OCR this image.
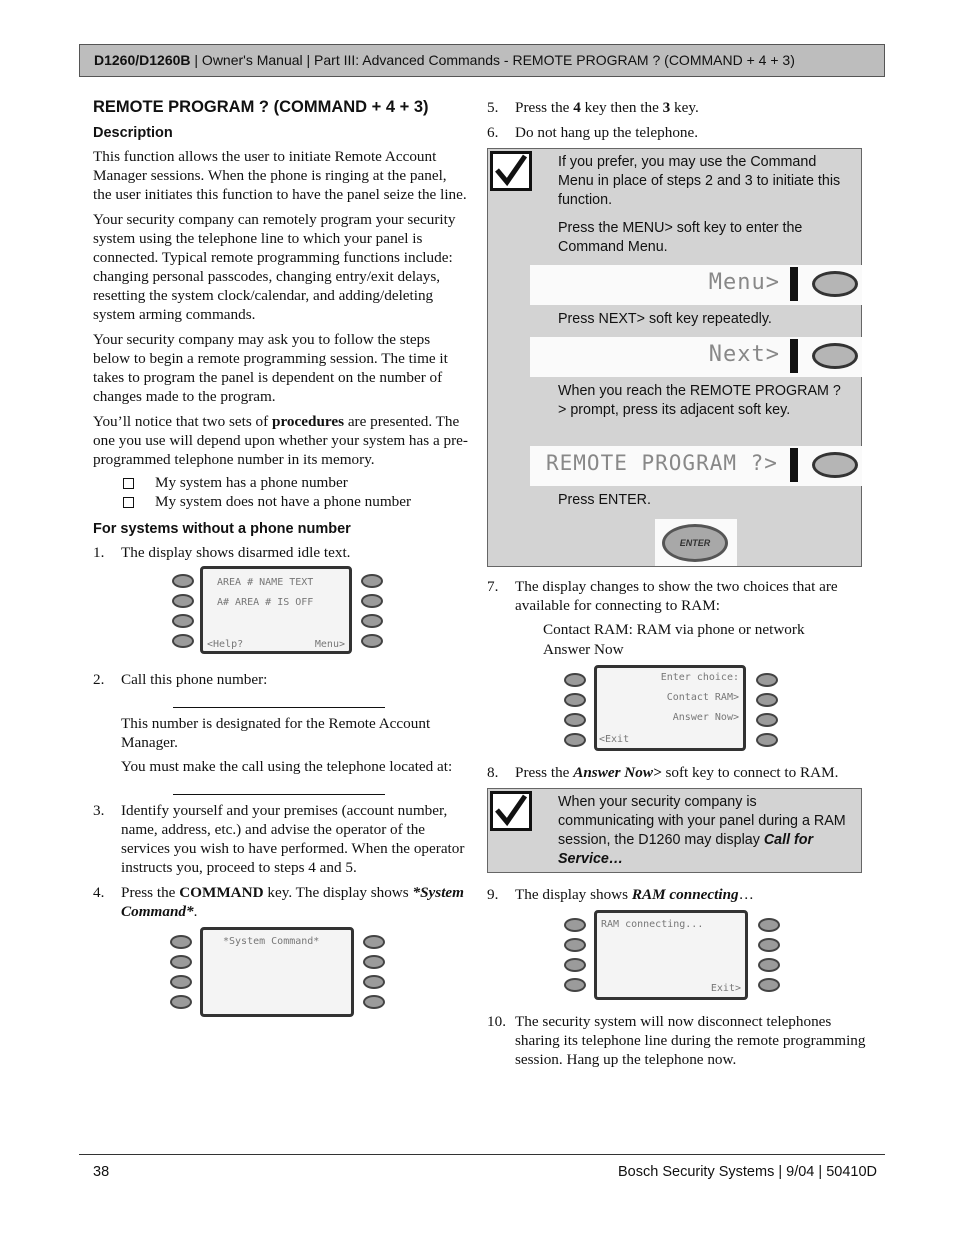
D1260/D1260B | Owner's Manual | Part III: Advanced Commands - REMOTE PROGRAM ? (COMMAND + 4 + 3)
REMOTE PROGRAM ? (COMMAND + 4 + 3)
Description

This function allows the user to initiate Remote Account Manager sessions. When the phone is ringing at the panel, the user initiates this function to have the panel seize the line.

Your security company can remotely program your security system using the telephone line to which your panel is connected. Typical remote programming functions include: changing personal passcodes, changing entry/exit delays, resetting the system clock/calendar, and adding/deleting system arming commands.

Your security company may ask you to follow the steps below to begin a remote programming session. The time it takes to program the panel is dependent on the number of changes made to the program.

You’ll notice that two sets of procedures are presented. The one you use will depend upon whether your system has a pre-programmed telephone number in its memory.

My system has a phone number
My system does not have a phone number
For systems without a phone number
1. The display shows disarmed idle text.

AREA # NAME TEXT
A# AREA # IS OFF
<Help?	Menu>
2. Call this phone number:

This number is designated for the Remote Account Manager.

You must make the call using the telephone located at:

3. Identify yourself and your premises (account number, name, address, etc.) and advise the operator of the services you wish to have performed. When the operator instructs you, proceed to steps 4 and 5.

4. Press the COMMAND key. The display shows *System Command*.

*System Command*
5. Press the 4 key then the 3 key.

6. Do not hang up the telephone.

If you prefer, you may use the Command Menu in place of steps 2 and 3 to initiate this function.
Press the MENU> soft key to enter the Command Menu.
Menu>
Press NEXT> soft key repeatedly.
Next>
When you reach the REMOTE PROGRAM ?> prompt, press its adjacent soft key.
REMOTE PROGRAM ?>
Press ENTER.
ENTER
7. The display changes to show the two choices that are available for connecting to RAM:

Contact RAM: RAM via phone or network

Answer Now

Enter choice:
Contact RAM>
Answer Now>
<Exit
8. Press the Answer Now> soft key to connect to RAM.

When your security company is communicating with your panel during a RAM session, the D1260 may display Call for Service…
9. The display shows RAM connecting…

RAM connecting...
Exit>
10. The security system will now disconnect telephones sharing its telephone line during the remote programming session. Hang up the telephone now.

38	Bosch Security Systems | 9/04 | 50410D
